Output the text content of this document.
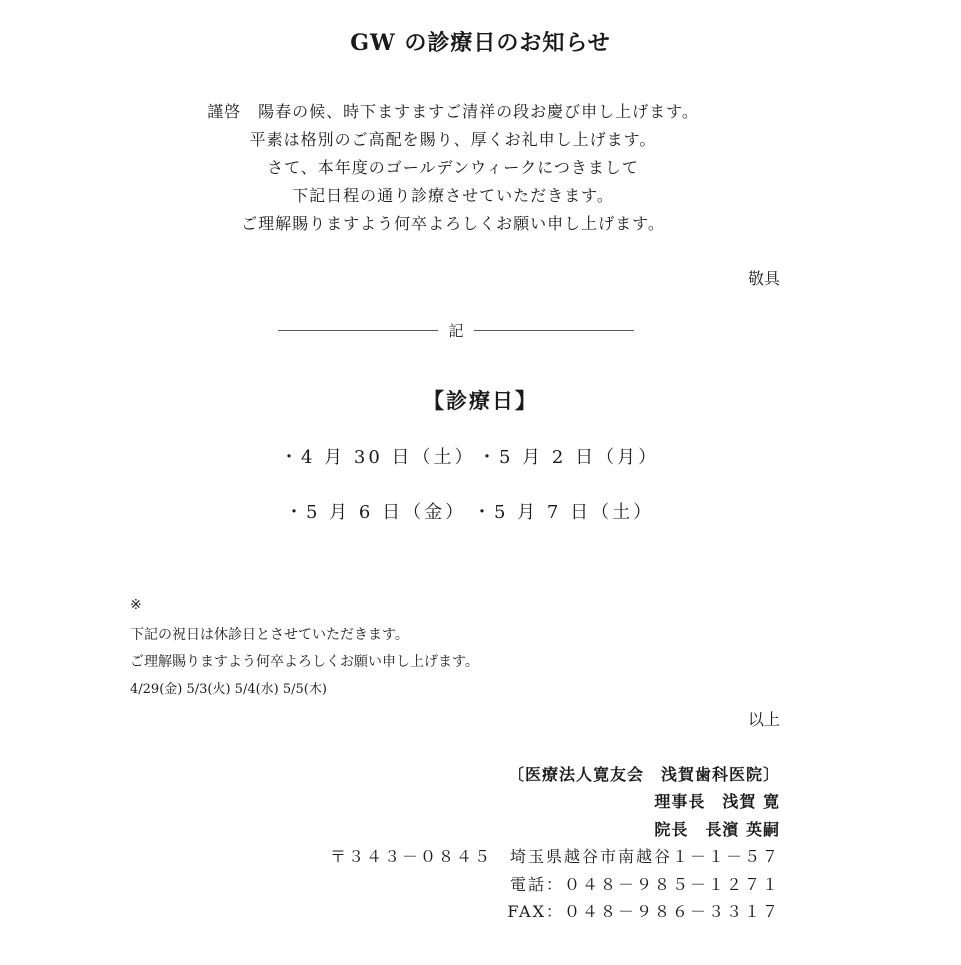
GW の診療日のお知らせ
謹啓　陽春の候、時下ますますご清祥の段お慶び申し上げます。
平素は格別のご高配を賜り、厚くお礼申し上げます。
さて、本年度のゴールデンウィークにつきまして
下記日程の通り診療させていただきます。
ご理解賜りますよう何卒よろしくお願い申し上げます。
敬具
記
【診療日】
・4 月 30 日（土） ・5 月 2 日（月）
・5 月 6 日（金） ・5 月 7 日（土）
※
下記の祝日は休診日とさせていただきます。
ご理解賜りますよう何卒よろしくお願い申し上げます。
4/29(金) 5/3(火) 5/4(水) 5/5(木)
以上
〔医療法人寛友会　浅賀歯科医院〕
理事長　浅賀 寛
院長　長濱 英嗣
〒３４３－０８４５　埼玉県越谷市南越谷１－１－５７
電話：０４８－９８５－１２７１
FAX：０４８－９８６－３３１７
